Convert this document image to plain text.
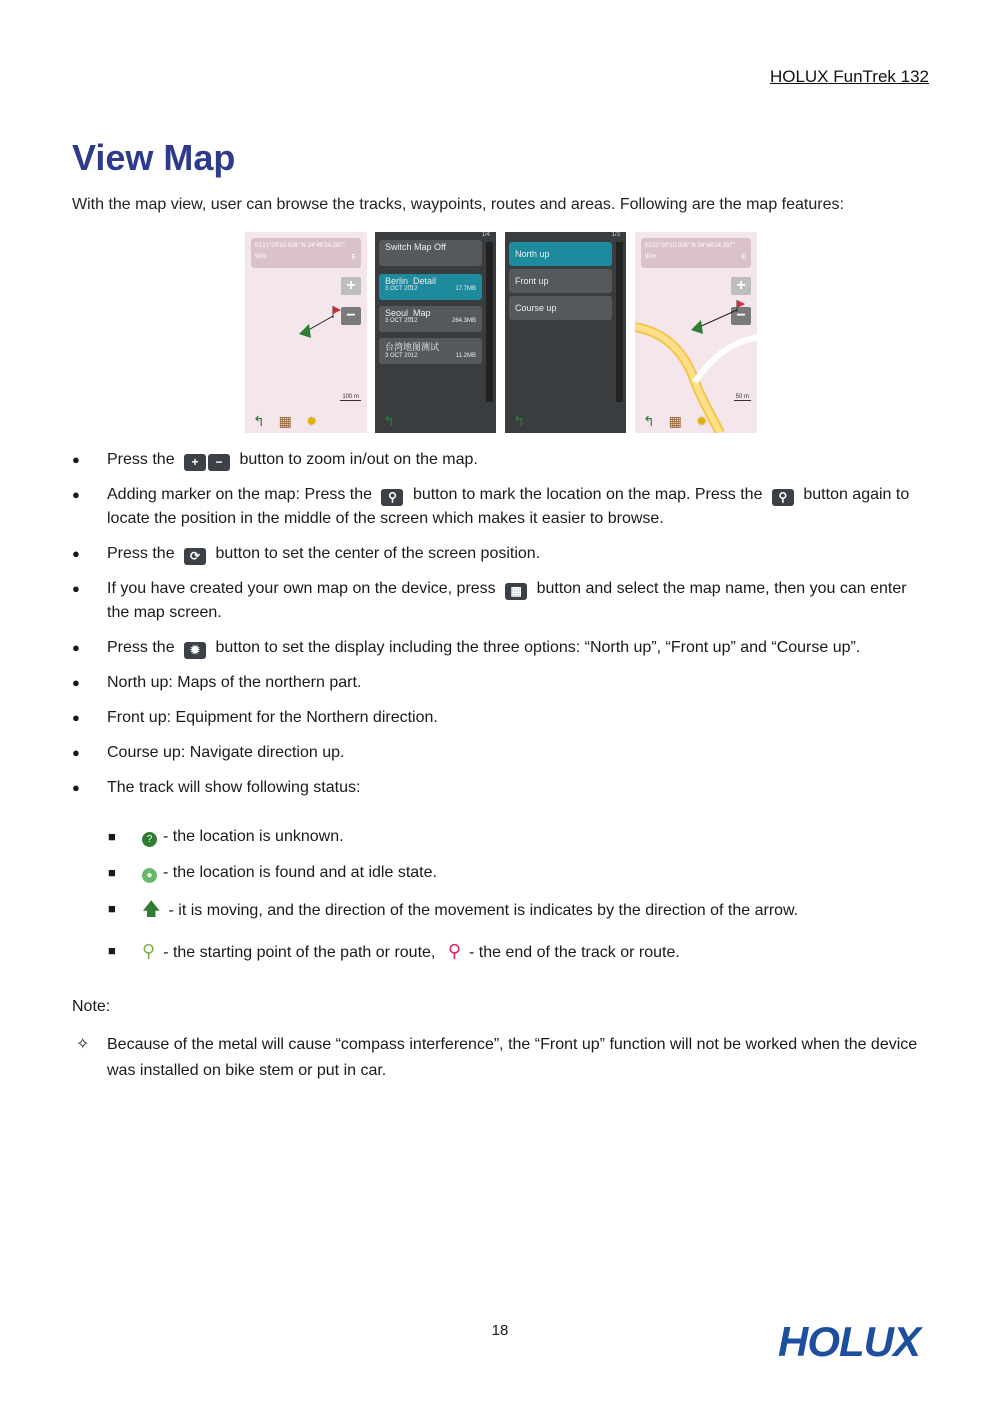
HOLUX FunTrek 132
View Map
With the map view, user can browse the tracks, waypoints, routes and areas. Following are the map features:
E121°00'10.026" N 24°48'24.297"
90m	E
+
−
100 m
↰ ▦ ✹
1/4
Switch Map Off
Berlin_Detail
3 OCT 2012	17.7MB
Seoul_Map
3 OCT 2012	264.3MB
台湾地图测试
3 OCT 2012	11.2MB
↰
1/3
North up
Front up
Course up
↰
E121°00'10.026" N 24°48'24.297"
90m	E
+
−
50 m
↰ ▦ ✹
● Press the + − button to zoom in/out on the map.
● Adding marker on the map: Press the ⚲ button to mark the location on the map. Press the ⚲ button again to locate the position in the middle of the screen which makes it easier to browse.
● Press the ⟳ button to set the center of the screen position.
● If you have created your own map on the device, press ▦ button and select the map name, then you can enter the map screen.
● Press the ✹ button to set the display including the three options: “North up”, “Front up” and “Course up”.
● North up: Maps of the northern part.
● Front up: Equipment for the Northern direction.
● Course up: Navigate direction up.
● The track will show following status:
■ ? - the location is unknown.
■ ● - the location is found and at idle state.
■ 🡅 - it is moving, and the direction of the movement is indicates by the direction of the arrow.
■ ⚲ - the starting point of the path or route, ⚲ - the end of the track or route.
Note:
✧ Because of the metal will cause “compass interference”, the “Front up” function will not be worked when the device was installed on bike stem or put in car.
18	HOLUX
